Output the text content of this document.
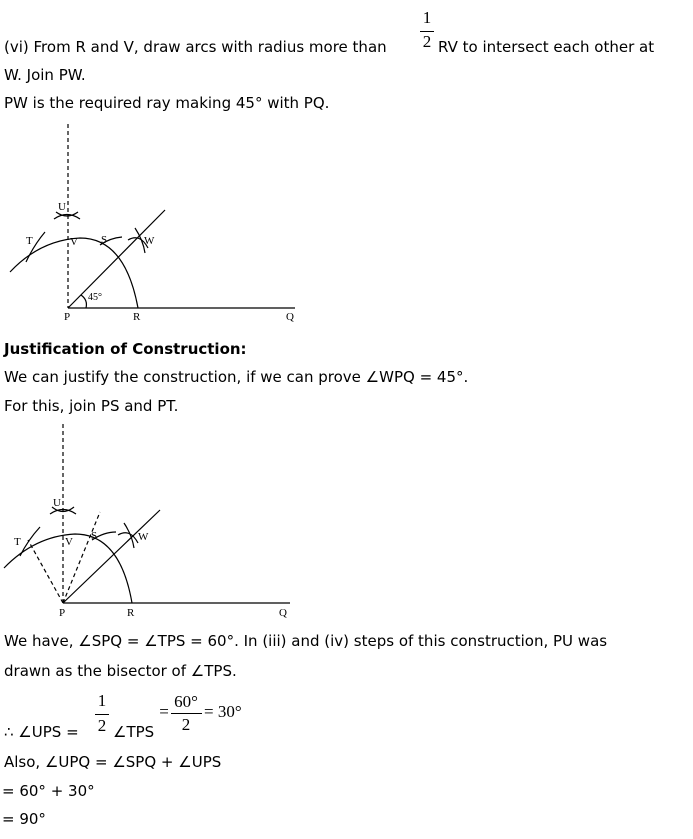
(vi) From R and V, draw arcs with radius more than
1
2 RV to intersect each other at
W. Join PW.
PW is the required ray making 45° with PQ.
U
T	V S	W
P	R	Q
45°
Justification of Construction:
We can justify the construction, if we can prove ∠WPQ = 45°.
For this, join PS and PT.
U
T	V S	W
P	R	Q
We have, ∠SPQ = ∠TPS = 60°. In (iii) and (iv) steps of this construction, PU was
drawn as the bisector of ∠TPS.
∴ ∠UPS =
1
2 ∠TPS
=
60°
2
= 30°
Also, ∠UPQ = ∠SPQ + ∠UPS
= 60° + 30°
= 90°
